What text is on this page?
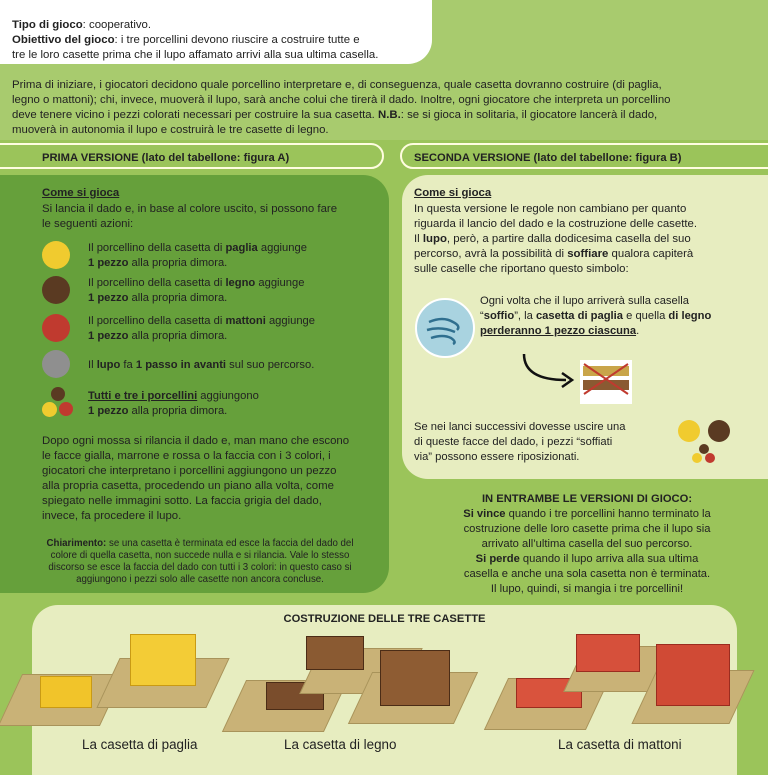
Tipo di gioco: cooperativo.
Obiettivo del gioco: i tre porcellini devono riuscire a costruire tutte e
tre le loro casette prima che il lupo affamato arrivi alla sua ultima casella.
Prima di iniziare, i giocatori decidono quale porcellino interpretare e, di conseguenza, quale casetta dovranno costruire (di paglia,
legno o mattoni); chi, invece, muoverà il lupo, sarà anche colui che tirerà il dado. Inoltre, ogni giocatore che interpreta un porcellino
deve tenere vicino i pezzi colorati necessari per costruire la sua casetta. N.B.: se si gioca in solitaria, il giocatore lancerà il dado,
muoverà in autonomia il lupo e costruirà le tre casette di legno.
PRIMA VERSIONE (lato del tabellone: figura A)	SECONDA VERSIONE (lato del tabellone: figura B)
Come si gioca
Si lancia il dado e, in base al colore uscito, si possono fare
le seguenti azioni:
Il porcellino della casetta di paglia aggiunge
1 pezzo alla propria dimora.
Il porcellino della casetta di legno aggiunge
1 pezzo alla propria dimora.
Il porcellino della casetta di mattoni aggiunge
1 pezzo alla propria dimora.
Il lupo fa 1 passo in avanti sul suo percorso.
Tutti e tre i porcellini aggiungono
1 pezzo alla propria dimora.
Dopo ogni mossa si rilancia il dado e, man mano che escono
le facce gialla, marrone e rossa o la faccia con i 3 colori, i
giocatori che interpretano i porcellini aggiungono un pezzo
alla propria casetta, procedendo un piano alla volta, come
spiegato nelle immagini sotto. La faccia grigia del dado,
invece, fa procedere il lupo.
Chiarimento: se una casetta è terminata ed esce la faccia del dado del
colore di quella casetta, non succede nulla e si rilancia. Vale lo stesso
discorso se esce la faccia del dado con tutti i 3 colori: in questo caso si
aggiungono i pezzi solo alle casette non ancora concluse.
Come si gioca
In questa versione le regole non cambiano per quanto
riguarda il lancio del dado e la costruzione delle casette.
Il lupo, però, a partire dalla dodicesima casella del suo
percorso, avrà la possibilità di soffiare qualora capiterà
sulle caselle che riportano questo simbolo:
Ogni volta che il lupo arriverà sulla casella
“soffio”, la casetta di paglia e quella di legno
perderanno 1 pezzo ciascuna.
Se nei lanci successivi dovesse uscire una
di queste facce del dado, i pezzi “soffiati
via” possono essere riposizionati.
IN ENTRAMBE LE VERSIONI DI GIOCO:
Si vince quando i tre porcellini hanno terminato la
costruzione delle loro casette prima che il lupo sia
arrivato all’ultima casella del suo percorso.
Si perde quando il lupo arriva alla sua ultima
casella e anche una sola casetta non è terminata.
Il lupo, quindi, si mangia i tre porcellini!
COSTRUZIONE DELLE TRE CASETTE
La casetta di paglia	La casetta di legno	La casetta di mattoni
